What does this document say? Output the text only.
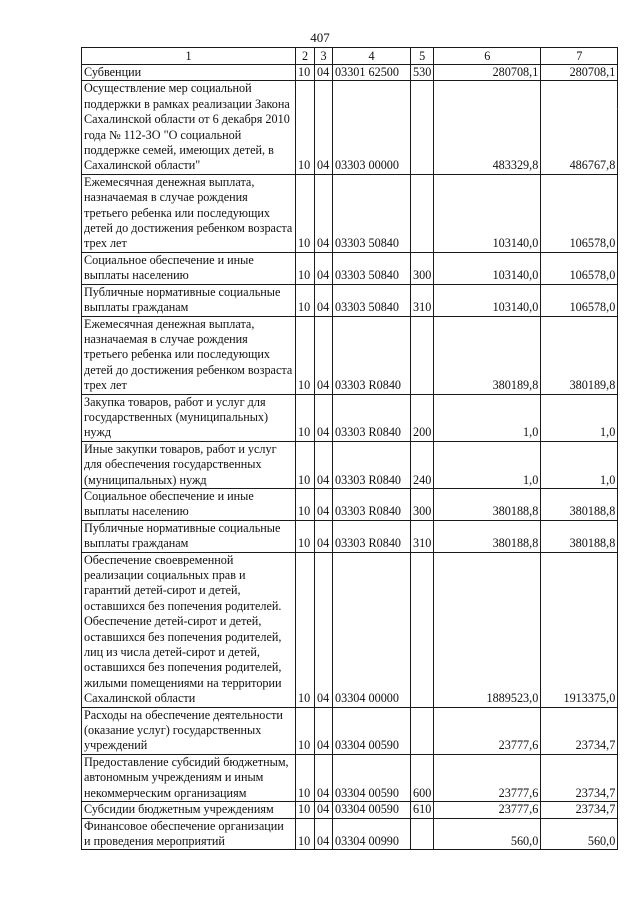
407
1	2	3	4	5	6	7
Субвенции	10	04	03301 62500	530	280708,1	280708,1
Осуществление мер социальной поддержки в рамках реализации Закона Сахалинской области от 6 декабря 2010 года № 112-ЗО "О социальной поддержке семей, имеющих детей, в Сахалинской области"	10	04	03303 00000		483329,8	486767,8
Ежемесячная денежная выплата, назначаемая в случае рождения третьего ребенка или последующих детей до достижения ребенком возраста трех лет	10	04	03303 50840		103140,0	106578,0
Социальное обеспечение и иные выплаты населению	10	04	03303 50840	300	103140,0	106578,0
Публичные нормативные социальные выплаты гражданам	10	04	03303 50840	310	103140,0	106578,0
Ежемесячная денежная выплата, назначаемая в случае рождения третьего ребенка или последующих детей до достижения ребенком возраста трех лет	10	04	03303 R0840		380189,8	380189,8
Закупка товаров, работ и услуг для государственных (муниципальных) нужд	10	04	03303 R0840	200	1,0	1,0
Иные закупки товаров, работ и услуг для обеспечения государственных (муниципальных) нужд	10	04	03303 R0840	240	1,0	1,0
Социальное обеспечение и иные выплаты населению	10	04	03303 R0840	300	380188,8	380188,8
Публичные нормативные социальные выплаты гражданам	10	04	03303 R0840	310	380188,8	380188,8
Обеспечение своевременной реализации социальных прав и гарантий детей-сирот и детей, оставшихся без попечения родителей. Обеспечение детей-сирот и детей, оставшихся без попечения родителей, лиц из числа детей-сирот и детей, оставшихся без попечения родителей, жилыми помещениями на территории Сахалинской области	10	04	03304 00000		1889523,0	1913375,0
Расходы на обеспечение деятельности (оказание услуг) государственных учреждений	10	04	03304 00590		23777,6	23734,7
Предоставление субсидий бюджетным, автономным учреждениям и иным некоммерческим организациям	10	04	03304 00590	600	23777,6	23734,7
Субсидии бюджетным учреждениям	10	04	03304 00590	610	23777,6	23734,7
Финансовое обеспечение организации и проведения мероприятий	10	04	03304 00990		560,0	560,0
·
